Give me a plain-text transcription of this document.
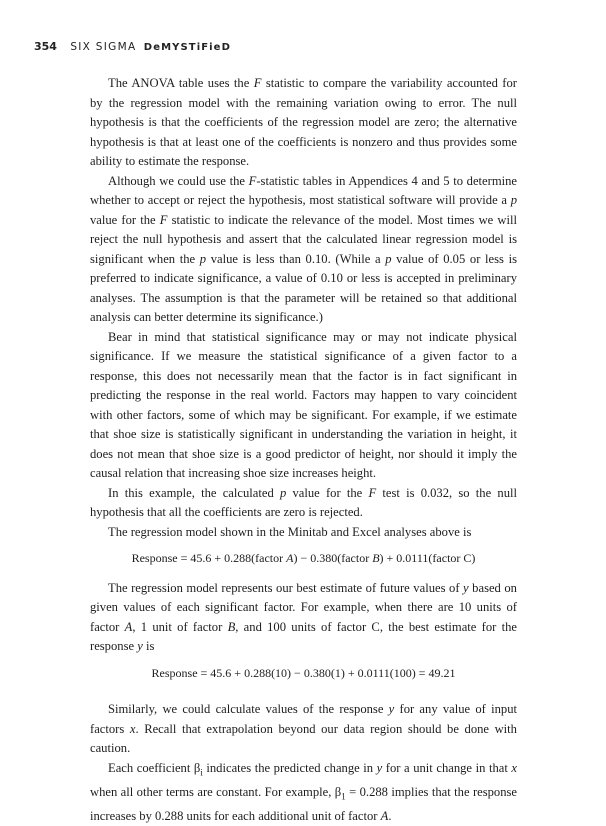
354 SIX SIGMA DeMYSTiFieD

The ANOVA table uses the F statistic to compare the variability accounted for by the regression model with the remaining variation owing to error. The null hypothesis is that the coefficients of the regression model are zero; the alternative hypothesis is that at least one of the coefficients is nonzero and thus provides some ability to estimate the response.

Although we could use the F-statistic tables in Appendices 4 and 5 to determine whether to accept or reject the hypothesis, most statistical software will provide a p value for the F statistic to indicate the relevance of the model. Most times we will reject the null hypothesis and assert that the calculated linear regression model is significant when the p value is less than 0.10. (While a p value of 0.05 or less is preferred to indicate significance, a value of 0.10 or less is accepted in preliminary analyses. The assumption is that the parameter will be retained so that additional analysis can better determine its significance.)

Bear in mind that statistical significance may or may not indicate physical significance. If we measure the statistical significance of a given factor to a response, this does not necessarily mean that the factor is in fact significant in predicting the response in the real world. Factors may happen to vary coincident with other factors, some of which may be significant. For example, if we estimate that shoe size is statistically significant in understanding the variation in height, it does not mean that shoe size is a good predictor of height, nor should it imply the causal relation that increasing shoe size increases height.

In this example, the calculated p value for the F test is 0.032, so the null hypothesis that all the coefficients are zero is rejected.

The regression model shown in the Minitab and Excel analyses above is

Response = 45.6 + 0.288(factor A) − 0.380(factor B) + 0.0111(factor C)

The regression model represents our best estimate of future values of y based on given values of each significant factor. For example, when there are 10 units of factor A, 1 unit of factor B, and 100 units of factor C, the best estimate for the response y is

Response = 45.6 + 0.288(10) − 0.380(1) + 0.0111(100) = 49.21

Similarly, we could calculate values of the response y for any value of input factors x. Recall that extrapolation beyond our data region should be done with caution.

Each coefficient $\beta_i$ indicates the predicted change in y for a unit change in that x when all other terms are constant. For example, $\beta_1 = 0.288$ implies that the response increases by 0.288 units for each additional unit of factor A.
